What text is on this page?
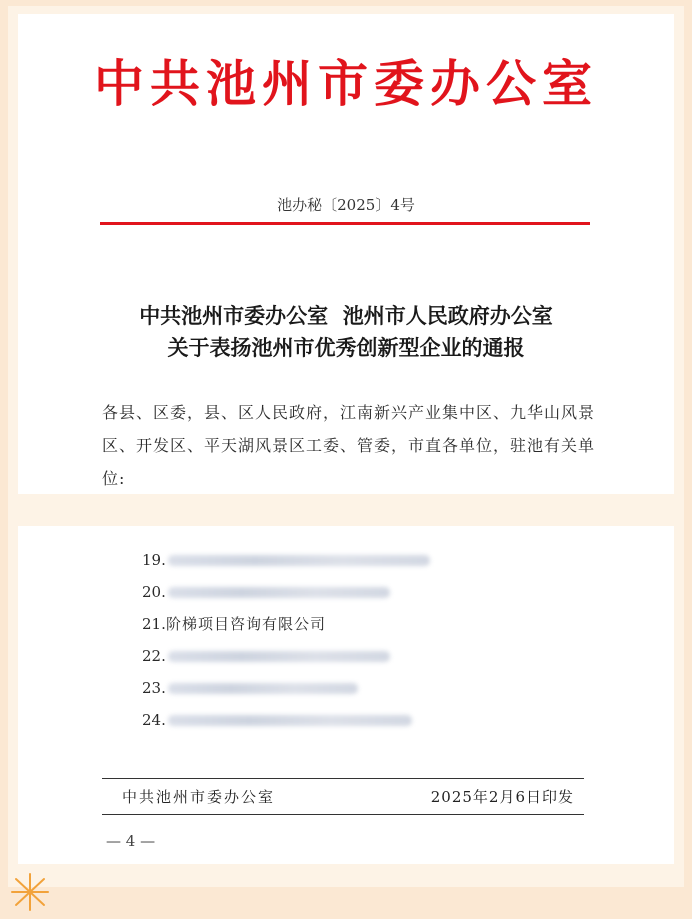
中共池州市委办公室
池办秘〔2025〕4号
中共池州市委办公室  池州市人民政府办公室
关于表扬池州市优秀创新型企业的通报
各县、区委，县、区人民政府，江南新兴产业集中区、九华山风景区、开发区、平天湖风景区工委、管委，市直各单位，驻池有关单位:
19.
20.
21. 阶梯项目咨询有限公司
22.
23.
24.
中共池州市委办公室	2025年2月6日印发
— 4 —
